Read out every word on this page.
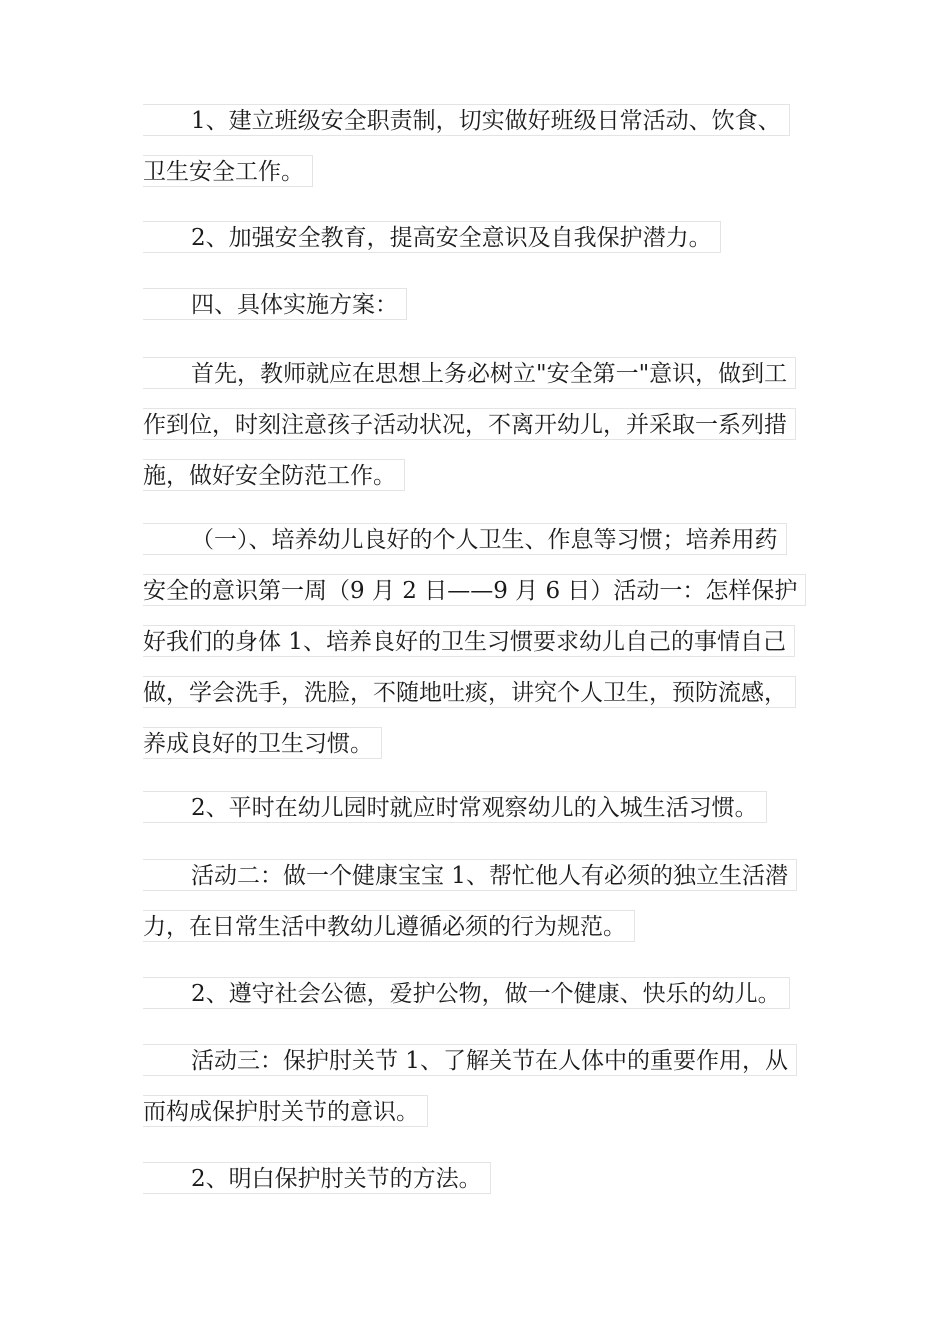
1、建立班级安全职责制，切实做好班级日常活动、饮食、
卫生安全工作。
2、加强安全教育，提高安全意识及自我保护潜力。
四、具体实施方案：
首先，教师就应在思想上务必树立"安全第一"意识，做到工
作到位，时刻注意孩子活动状况，不离开幼儿，并采取一系列措
施，做好安全防范工作。
（一）、培养幼儿良好的个人卫生、作息等习惯；培养用药
安全的意识第一周（9 月 2 日——9 月 6 日）活动一：怎样保护
好我们的身体 1、培养良好的卫生习惯要求幼儿自己的事情自己
做，学会洗手，洗脸，不随地吐痰，讲究个人卫生，预防流感，
养成良好的卫生习惯。
2、平时在幼儿园时就应时常观察幼儿的入城生活习惯。
活动二：做一个健康宝宝 1、帮忙他人有必须的独立生活潜
力，在日常生活中教幼儿遵循必须的行为规范。
2、遵守社会公德，爱护公物，做一个健康、快乐的幼儿。
活动三：保护肘关节 1、了解关节在人体中的重要作用，从
而构成保护肘关节的意识。
2、明白保护肘关节的方法。
